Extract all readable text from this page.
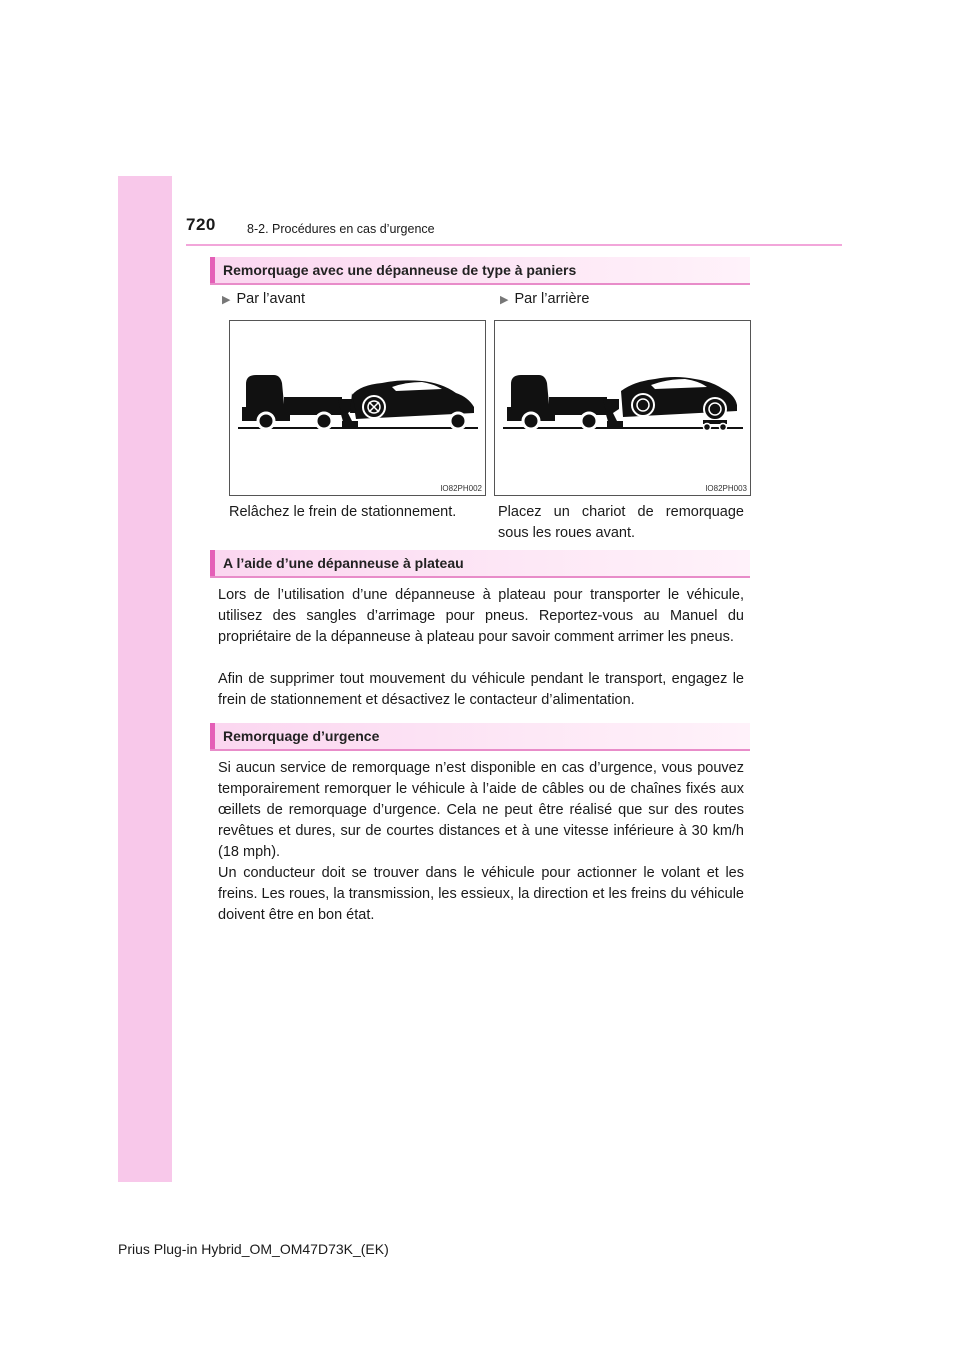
720 8-2. Procédures en cas d’urgence
Remorquage avec une dépanneuse de type à paniers
▶ Par l’avant	▶ Par l’arrière
IO82PH002	IO82PH003
Relâchez le frein de stationnement.	Placez un chariot de remorquage
sous les roues avant.
A l’aide d’une dépanneuse à plateau

Lors de l’utilisation d’une dépanneuse à plateau pour transporter le véhicule, utilisez des sangles d’arrimage pour pneus. Reportez-vous au Manuel du propriétaire de la dépanneuse à plateau pour savoir comment arrimer les pneus.

Afin de supprimer tout mouvement du véhicule pendant le transport, engagez le frein de stationnement et désactivez le contacteur d’alimentation.

Remorquage d’urgence

Si aucun service de remorquage n’est disponible en cas d’urgence, vous pouvez temporairement remorquer le véhicule à l’aide de câbles ou de chaînes fixés aux œillets de remorquage d’urgence. Cela ne peut être réalisé que sur des routes revêtues et dures, sur de courtes distances et à une vitesse inférieure à 30 km/h (18 mph).

Un conducteur doit se trouver dans le véhicule pour actionner le volant et les freins. Les roues, la transmission, les essieux, la direction et les freins du véhicule doivent être en bon état.

Prius Plug-in Hybrid_OM_OM47D73K_(EK)
